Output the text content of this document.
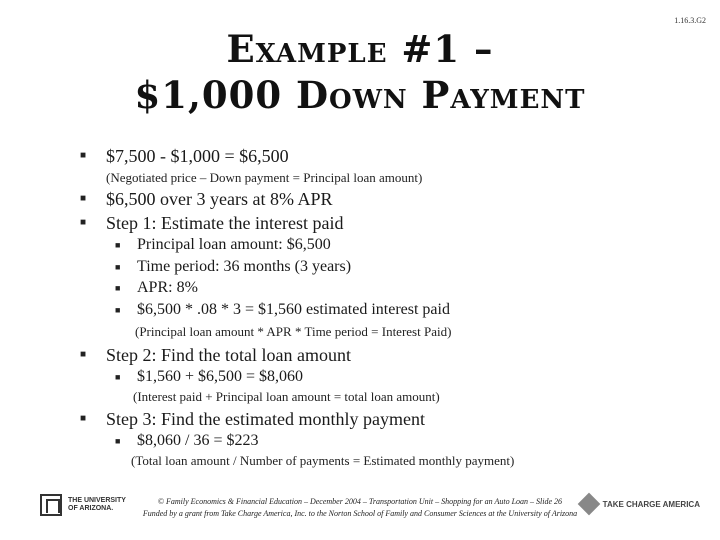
1.16.3.G2
Example #1 –
$1,000 Down Payment
■ $7,500 - $1,000 = $6,500
(Negotiated price – Down payment = Principal loan amount)
■ $6,500 over 3 years at 8% APR
■ Step 1: Estimate the interest paid
■ Principal loan amount: $6,500
■ Time period: 36 months (3 years)
■ APR: 8%
■ $6,500 * .08 * 3 = $1,560 estimated interest paid
(Principal loan amount * APR * Time period = Interest Paid)
■ Step 2: Find the total loan amount
■ $1,560 + $6,500 = $8,060
(Interest paid + Principal loan amount = total loan amount)
■ Step 3: Find the estimated monthly payment
■ $8,060 / 36 = $223
(Total loan amount / Number of payments = Estimated monthly payment)
THE UNIVERSITY
OF ARIZONA.
© Family Economics & Financial Education – December 2004 – Transportation Unit – Shopping for an Auto Loan – Slide 26
Funded by a grant from Take Charge America, Inc. to the Norton School of Family and Consumer Sciences at the University of Arizona
TAKE CHARGE AMERICA
